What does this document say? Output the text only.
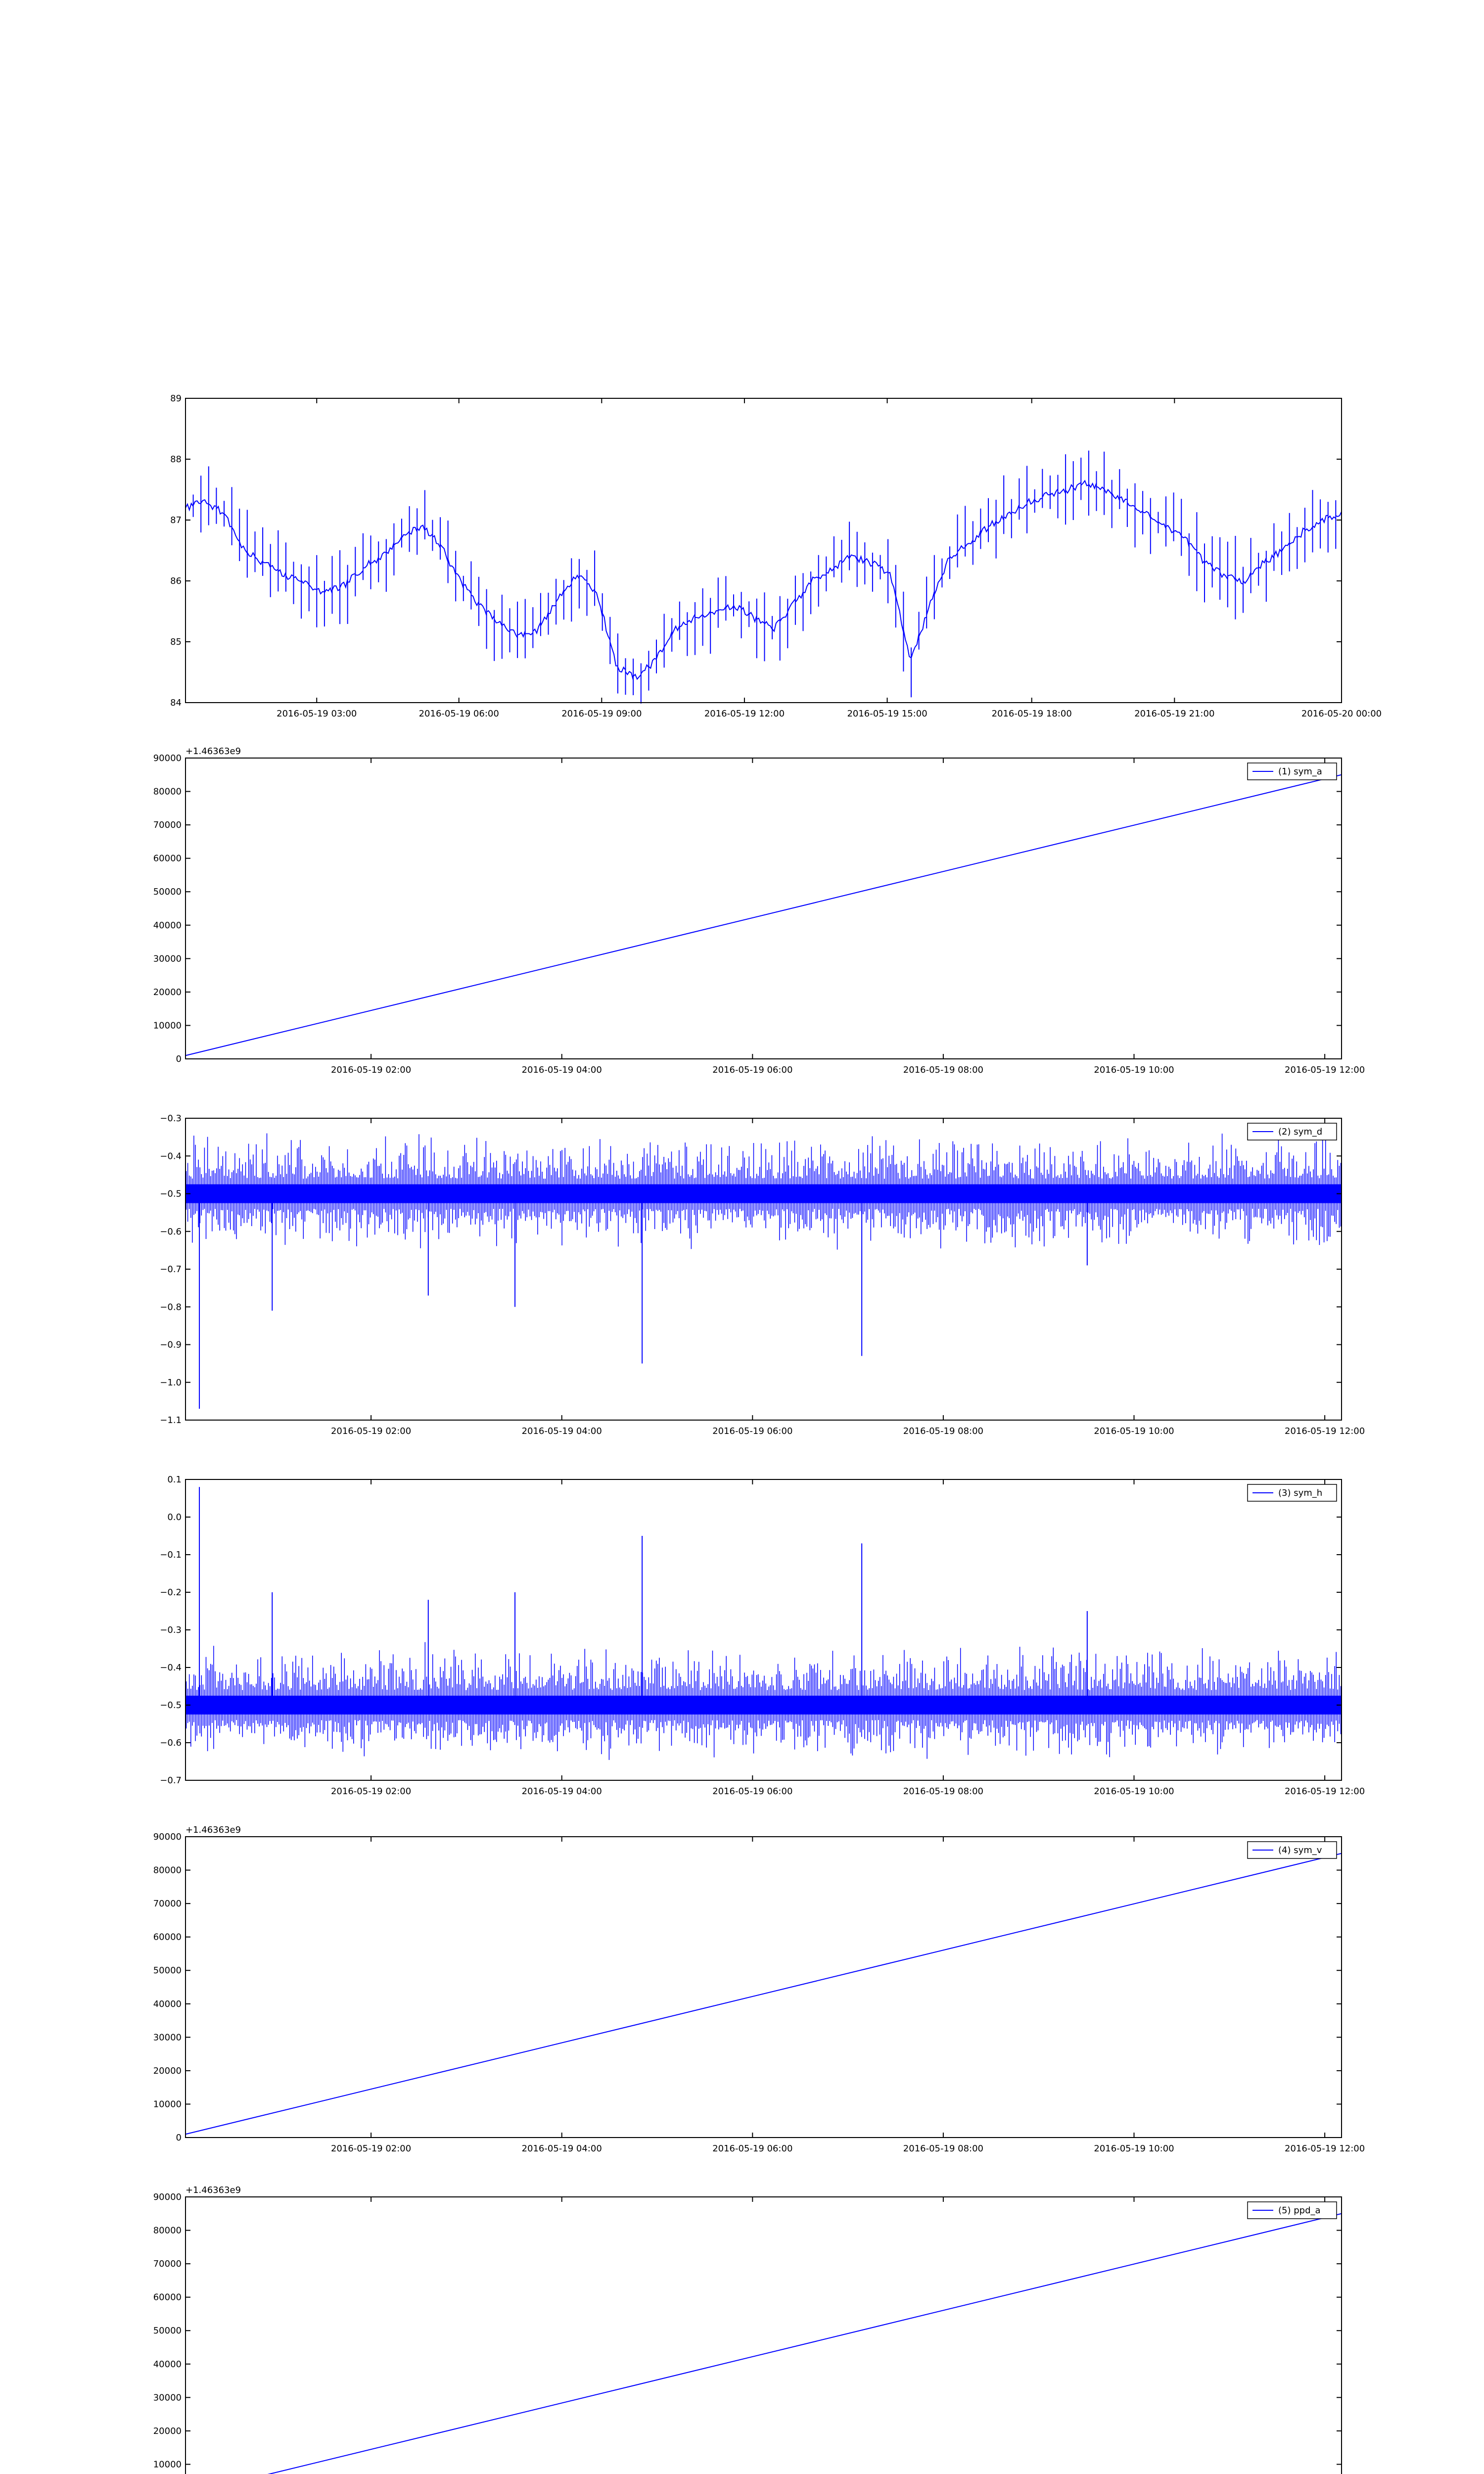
84
85
86
87
88
89
2016-05-19 03:00	2016-05-19 06:00	2016-05-19 09:00	2016-05-19 12:00	2016-05-19 15:00	2016-05-19 18:00	2016-05-19 21:00	2016-05-20 00:00
0
10000
20000
30000
40000
50000
60000
70000
80000
90000
2016-05-19 02:00	2016-05-19 04:00	2016-05-19 06:00	2016-05-19 08:00	2016-05-19 10:00	2016-05-19 12:00
+1.46363e9
(1) sym_a
−1.1
−1.0
−0.9
−0.8
−0.7
−0.6
−0.5
−0.4
−0.3
2016-05-19 02:00	2016-05-19 04:00	2016-05-19 06:00	2016-05-19 08:00	2016-05-19 10:00	2016-05-19 12:00
(2) sym_d
−0.7
−0.6
−0.5
−0.4
−0.3
−0.2
−0.1
0.0
0.1
2016-05-19 02:00	2016-05-19 04:00	2016-05-19 06:00	2016-05-19 08:00	2016-05-19 10:00	2016-05-19 12:00
(3) sym_h
0
10000
20000
30000
40000
50000
60000
70000
80000
90000
2016-05-19 02:00	2016-05-19 04:00	2016-05-19 06:00	2016-05-19 08:00	2016-05-19 10:00	2016-05-19 12:00
+1.46363e9
(4) sym_v
10000
20000
30000
40000
50000
60000
70000
80000
90000
+1.46363e9
(5) ppd_a
